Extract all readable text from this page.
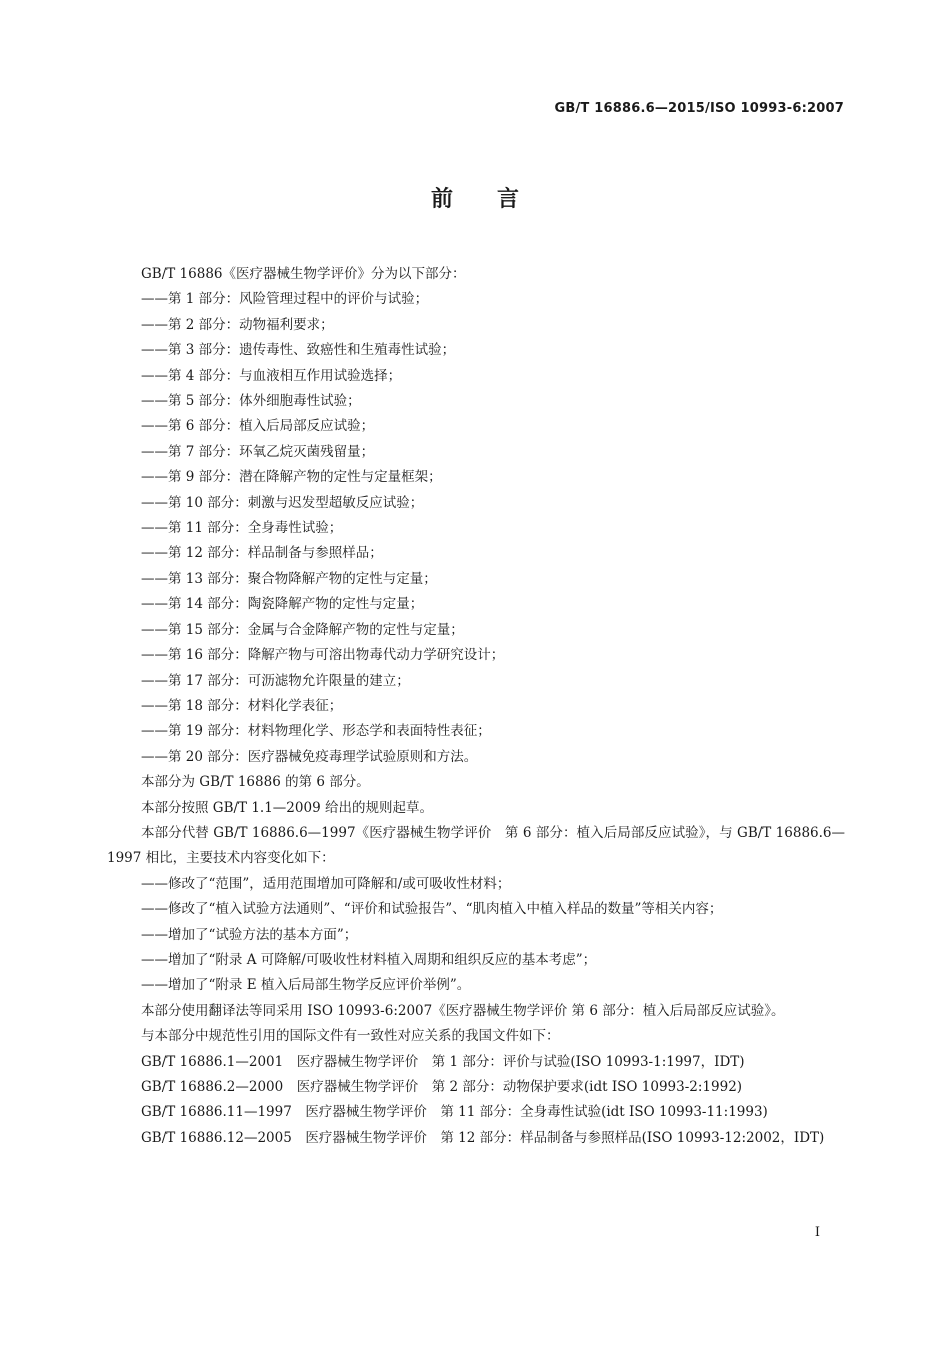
GB/T 16886.6—2015/ISO 10993-6:2007
前言

GB/T 16886《医疗器械生物学评价》分为以下部分：

——第 1 部分：风险管理过程中的评价与试验；

——第 2 部分：动物福利要求；

——第 3 部分：遗传毒性、致癌性和生殖毒性试验；

——第 4 部分：与血液相互作用试验选择；

——第 5 部分：体外细胞毒性试验；

——第 6 部分：植入后局部反应试验；

——第 7 部分：环氧乙烷灭菌残留量；

——第 9 部分：潜在降解产物的定性与定量框架；

——第 10 部分：刺激与迟发型超敏反应试验；

——第 11 部分：全身毒性试验；

——第 12 部分：样品制备与参照样品；

——第 13 部分：聚合物降解产物的定性与定量；

——第 14 部分：陶瓷降解产物的定性与定量；

——第 15 部分：金属与合金降解产物的定性与定量；

——第 16 部分：降解产物与可溶出物毒代动力学研究设计；

——第 17 部分：可沥滤物允许限量的建立；

——第 18 部分：材料化学表征；

——第 19 部分：材料物理化学、形态学和表面特性表征；

——第 20 部分：医疗器械免疫毒理学试验原则和方法。

本部分为 GB/T 16886 的第 6 部分。

本部分按照 GB/T 1.1—2009 给出的规则起草。

本部分代替 GB/T 16886.6—1997《医疗器械生物学评价　第 6 部分：植入后局部反应试验》，与 GB/T 16886.6—1997 相比，主要技术内容变化如下：

——修改了“范围”，适用范围增加可降解和/或可吸收性材料；

——修改了“植入试验方法通则”、“评价和试验报告”、“肌肉植入中植入样品的数量”等相关内容；

——增加了“试验方法的基本方面”；

——增加了“附录 A 可降解/可吸收性材料植入周期和组织反应的基本考虑”；

——增加了“附录 E 植入后局部生物学反应评价举例”。

本部分使用翻译法等同采用 ISO 10993-6:2007《医疗器械生物学评价 第 6 部分：植入后局部反应试验》。

与本部分中规范性引用的国际文件有一致性对应关系的我国文件如下：

GB/T 16886.1—2001　医疗器械生物学评价　第 1 部分：评价与试验(ISO 10993-1:1997，IDT)

GB/T 16886.2—2000　医疗器械生物学评价　第 2 部分：动物保护要求(idt ISO 10993-2:1992)

GB/T 16886.11—1997　医疗器械生物学评价　第 11 部分：全身毒性试验(idt ISO 10993-11:1993)

GB/T 16886.12—2005　医疗器械生物学评价　第 12 部分：样品制备与参照样品(ISO 10993-12:2002，IDT)

I
